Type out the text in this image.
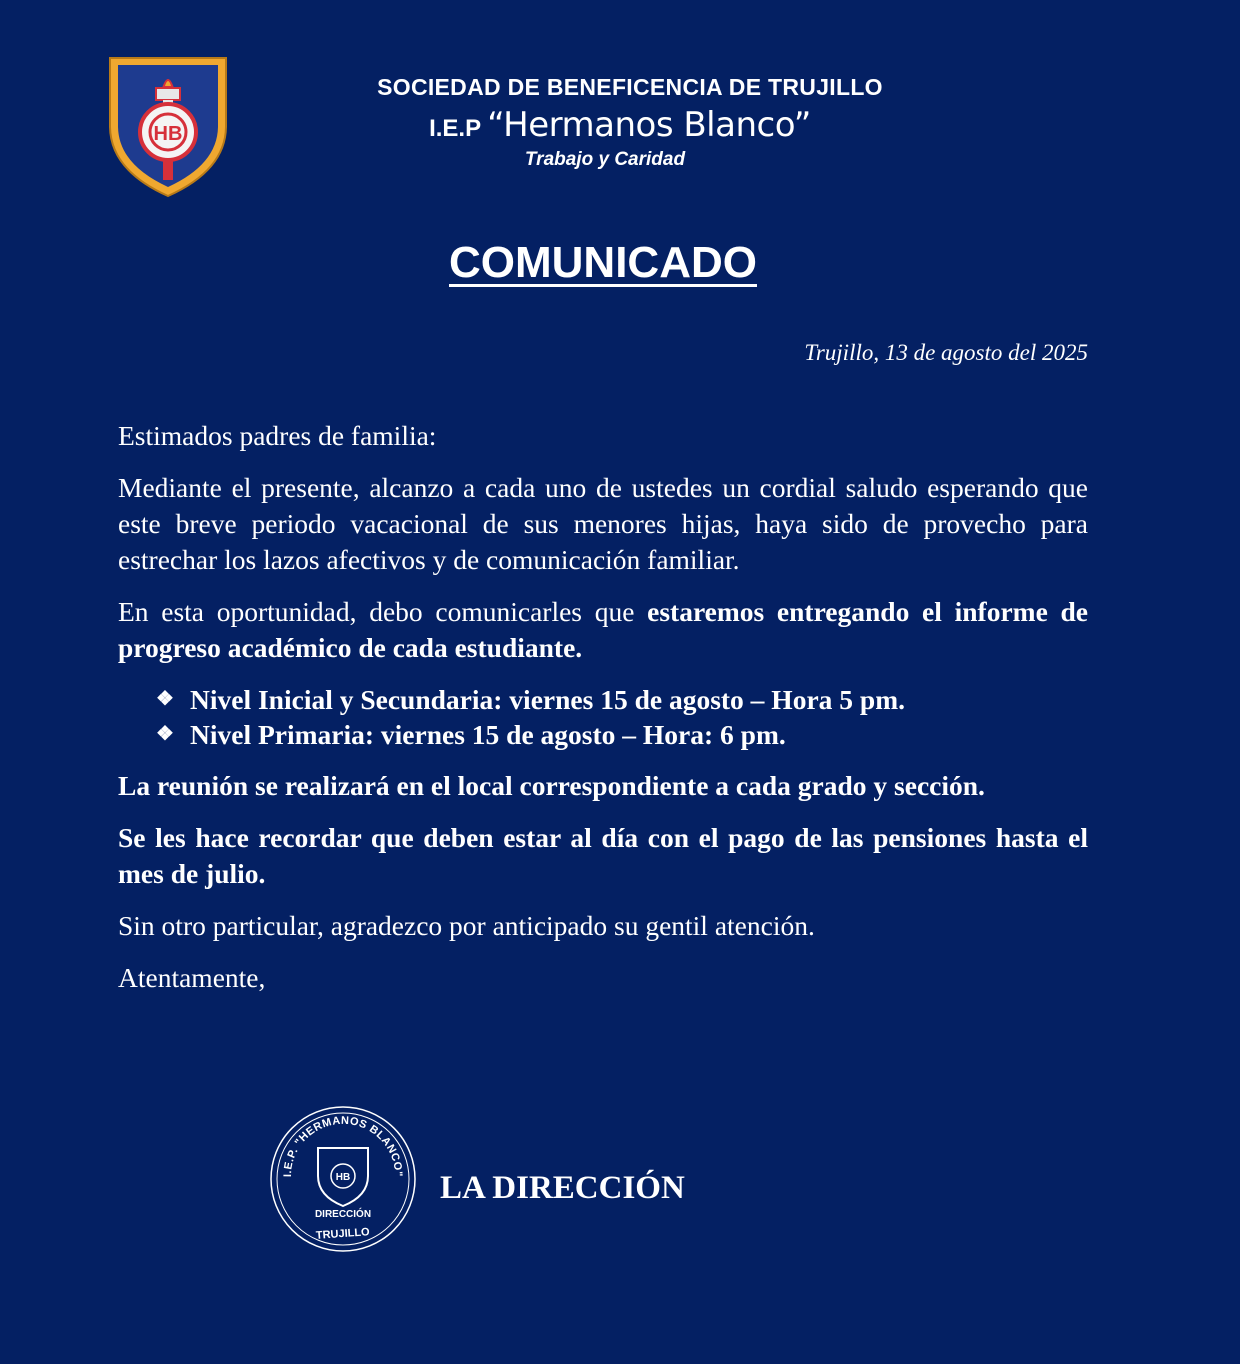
HB
SOCIEDAD DE BENEFICENCIA DE TRUJILLO
I.E.P “Hermanos Blanco”
Trabajo y Caridad
COMUNICADO
Trujillo, 13 de agosto del 2025

Estimados padres de familia:

Mediante el presente, alcanzo a cada uno de ustedes un cordial saludo esperando que este breve periodo vacacional de sus menores hijas, haya sido de provecho para estrechar los lazos afectivos y de comunicación familiar.

En esta oportunidad, debo comunicarles que estaremos entregando el informe de progreso académico de cada estudiante.

❖ Nivel Inicial y Secundaria: viernes 15 de agosto – Hora 5 pm.
❖ Nivel Primaria: viernes 15 de agosto – Hora: 6 pm.

La reunión se realizará en el local correspondiente a cada grado y sección.

Se les hace recordar que deben estar al día con el pago de las pensiones hasta el mes de julio.

Sin otro particular, agradezco por anticipado su gentil atención.

Atentamente,

I.E.P. "HERMANOS BLANCO"
HB
DIRECCIÓN
TRUJILLO
LA DIRECCIÓN
